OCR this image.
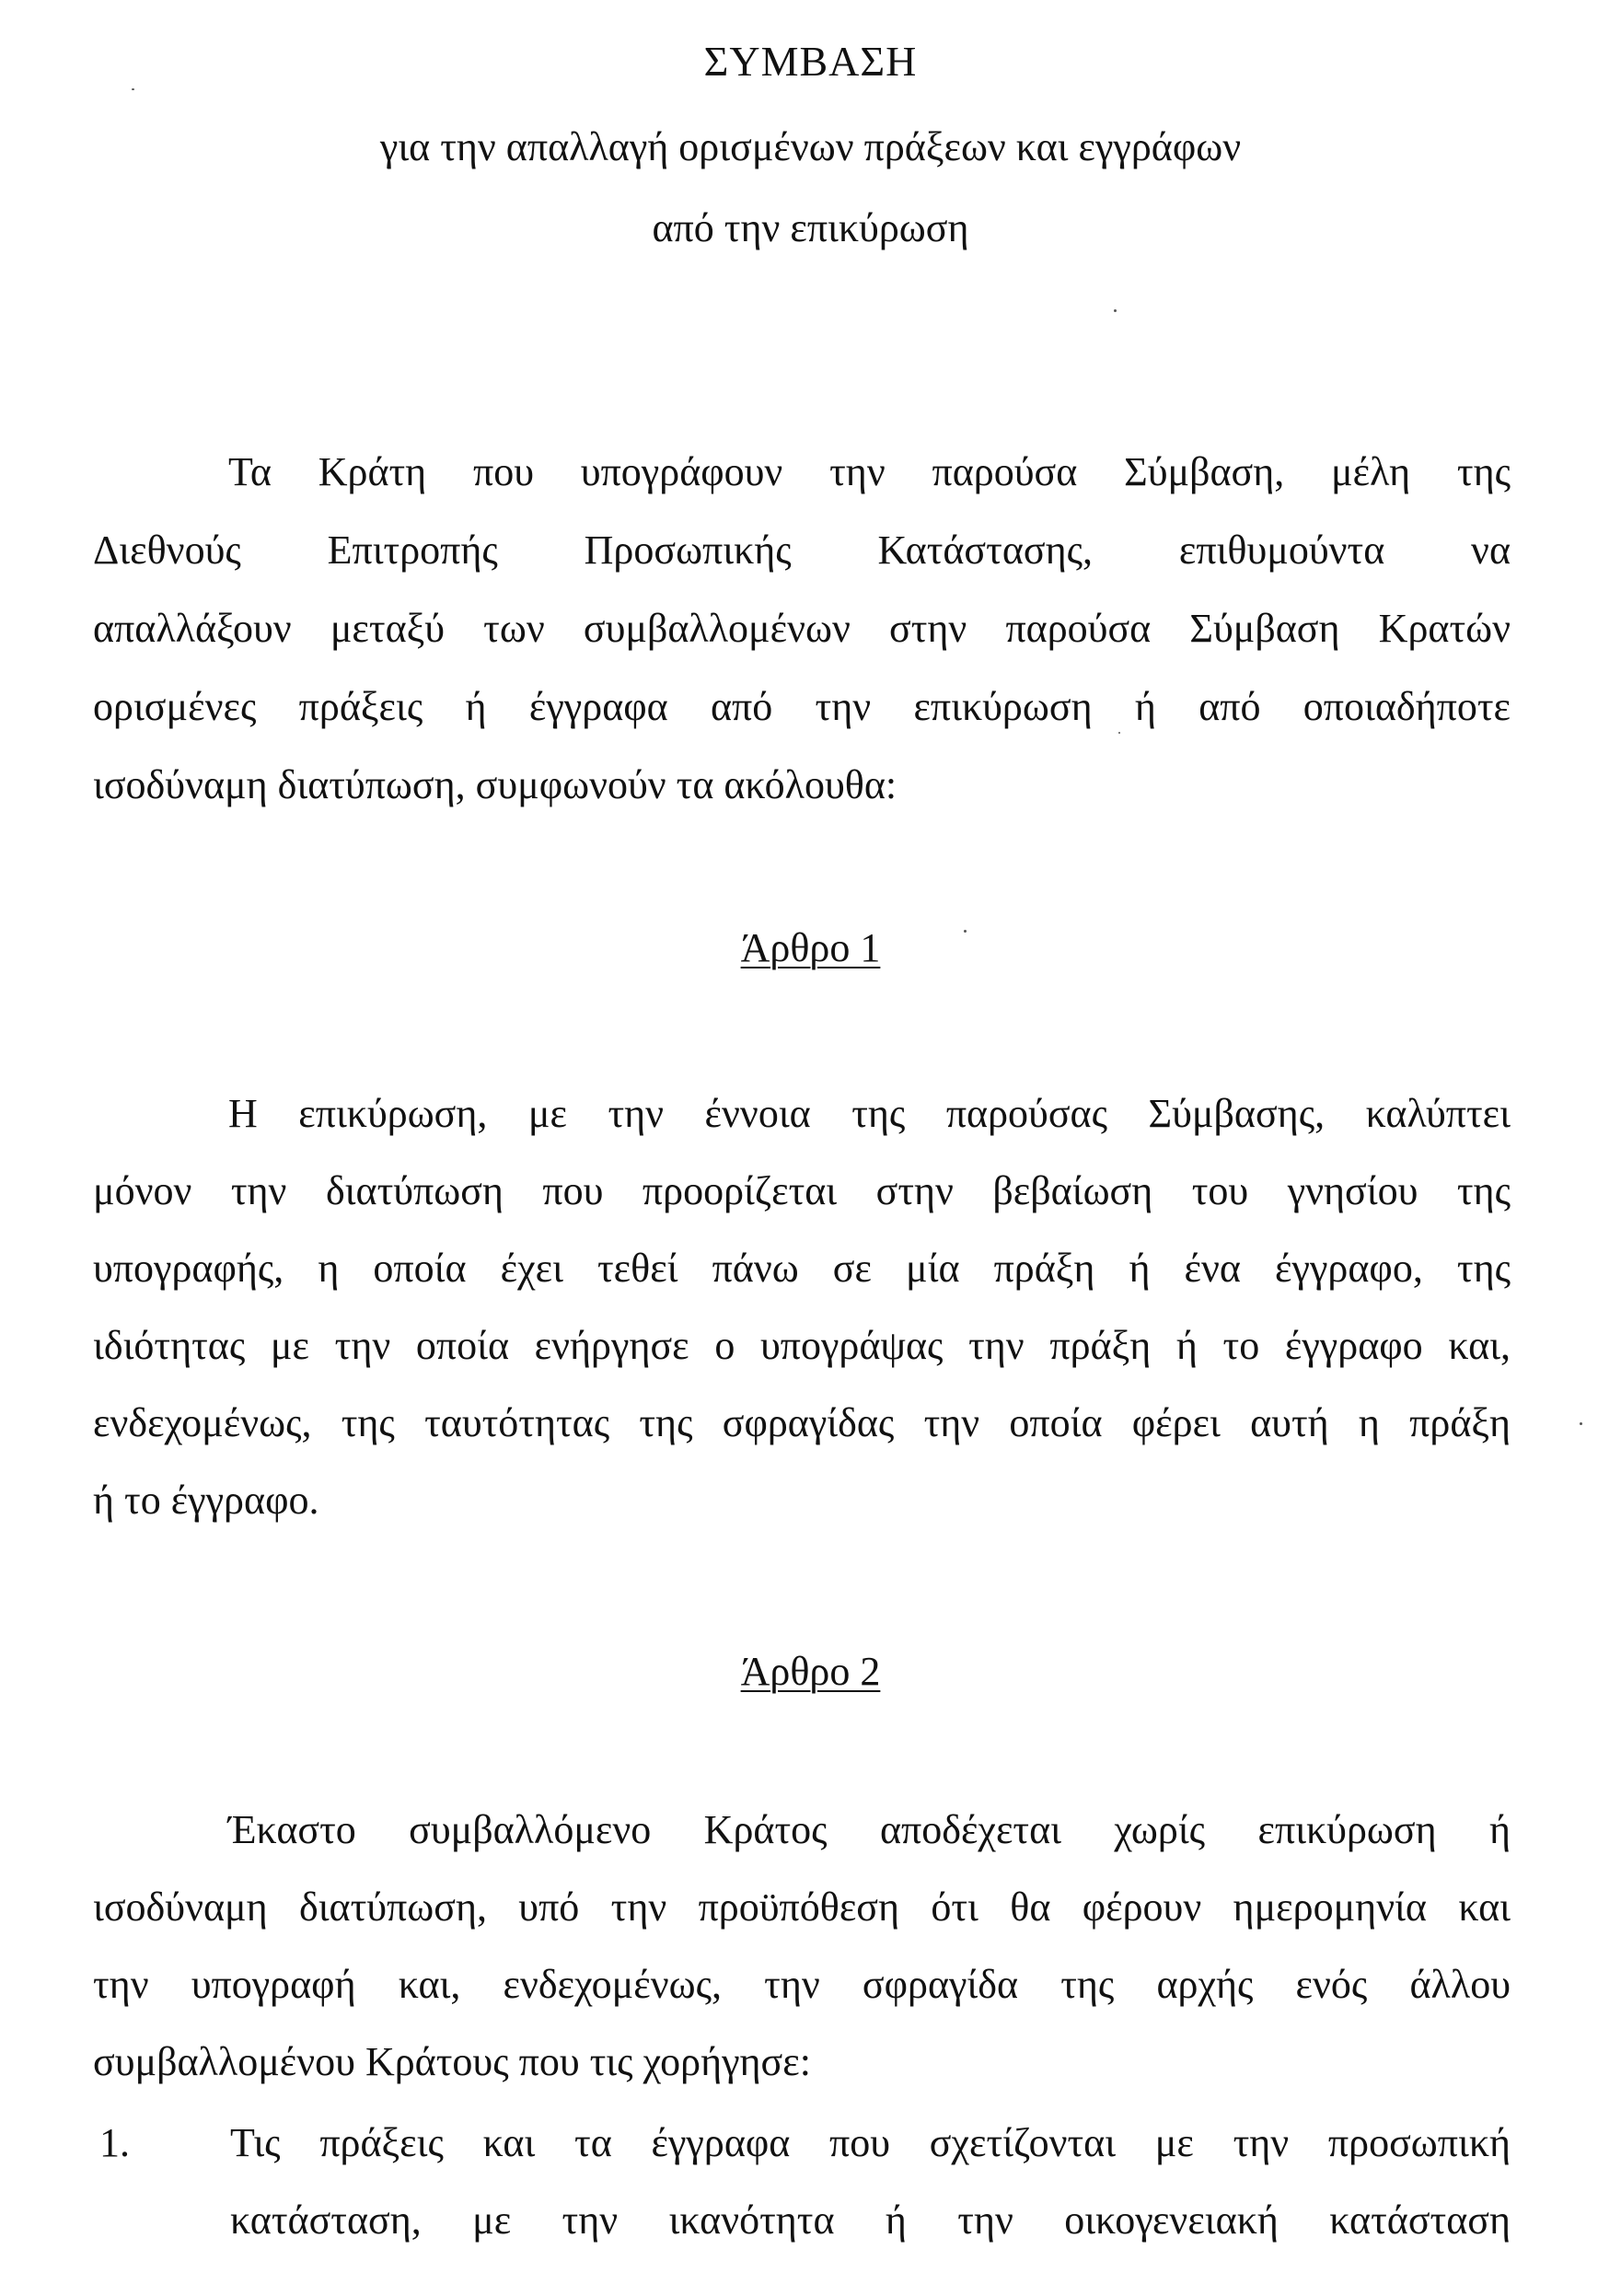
ΣΥΜΒΑΣΗ
για την απαλλαγή ορισμένων πράξεων και εγγράφων
από την επικύρωση
Τα Κράτη που υπογράφουν την παρούσα Σύμβαση, μέλη της
Διεθνούς Επιτροπής Προσωπικής Κατάστασης, επιθυμούντα να
απαλλάξουν μεταξύ των συμβαλλομένων στην παρούσα Σύμβαση Κρατών
ορισμένες πράξεις ή έγγραφα από την επικύρωση ή από οποιαδήποτε
ισοδύναμη διατύπωση, συμφωνούν τα ακόλουθα:
Άρθρο 1
Η επικύρωση, με την έννοια της παρούσας Σύμβασης, καλύπτει
μόνον την διατύπωση που προορίζεται στην βεβαίωση του γνησίου της
υπογραφής, η οποία έχει τεθεί πάνω σε μία πράξη ή ένα έγγραφο, της
ιδιότητας με την οποία ενήργησε ο υπογράψας την πράξη ή το έγγραφο και,
ενδεχομένως, της ταυτότητας της σφραγίδας την οποία φέρει αυτή η πράξη
ή το έγγραφο.
Άρθρο 2
Έκαστο συμβαλλόμενο Κράτος αποδέχεται χωρίς επικύρωση ή
ισοδύναμη διατύπωση, υπό την προϋπόθεση ότι θα φέρουν ημερομηνία και
την υπογραφή και, ενδεχομένως, την σφραγίδα της αρχής ενός άλλου
συμβαλλομένου Κράτους που τις χορήγησε:
1. Τις πράξεις και τα έγγραφα που σχετίζονται με την προσωπική
κατάσταση, με την ικανότητα ή την οικογενειακή κατάσταση
